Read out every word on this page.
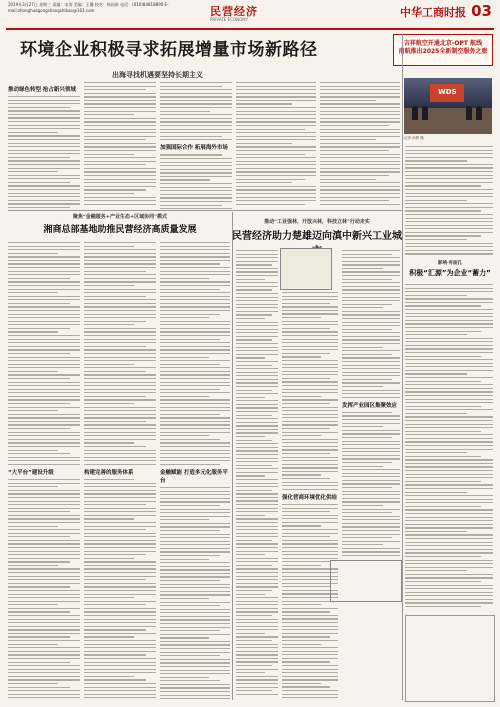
2019年3月27日 星期三 责编：宋涛 美编：王馨 校对：杨国新 电话：(010)84818890 E-mail:zhonghuagongshangshibao@163.com	民营经济
PRIVATE ECONOMY
中华工商时报 03
环境企业积极寻求拓展增量市场新路径
出海寻找机遇要坚持长期主义
吉祥航空开通北京-OPT 航线
南航推出2025全新制空服务之旅
WDS
记者 孙梦 摄
推动绿色转型 抢占新兴领域
加强国际合作 拓展海外市场
聚焦“金融服务+产业生态+区域协同”模式
湘商总部基地助推民营经济高质量发展
“大平台”建设升级	构建完善的服务体系	金融赋能 打造多元化服务平台
推动“工业强林，开放兴林，科技立林”行动走实
民营经济助力楚雄迈向滇中新兴工业城
强化营商环境优化供给
发挥产业园区集聚效应
影响·有面孔
积极“汇源”为企业“蓄力”
